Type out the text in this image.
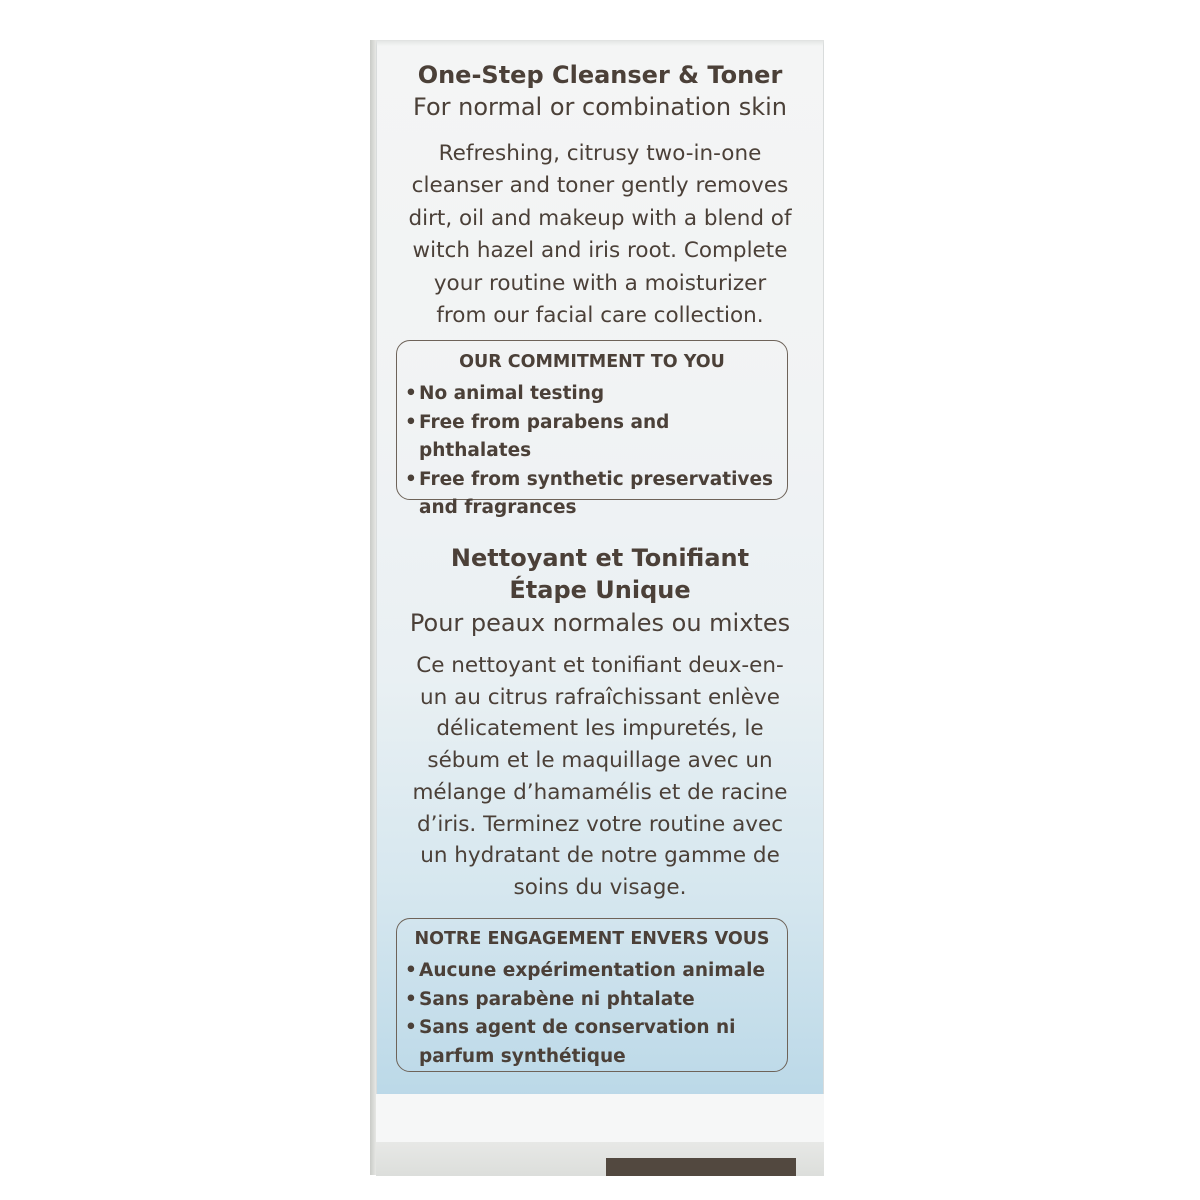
One-Step Cleanser & Toner
For normal or combination skin
Refreshing, citrusy two-in-one cleanser and toner gently removes dirt, oil and makeup with a blend of witch hazel and iris root. Complete your routine with a moisturizer from our facial care collection.
OUR COMMITMENT TO YOU
• No animal testing
• Free from parabens and phthalates
• Free from synthetic preservatives and fragrances
Nettoyant et Tonifiant
Étape Unique
Pour peaux normales ou mixtes
Ce nettoyant et tonifiant deux-en-un au citrus rafraîchissant enlève délicatement les impuretés, le sébum et le maquillage avec un mélange d’hamamélis et de racine d’iris. Terminez votre routine avec un hydratant de notre gamme de soins du visage.
NOTRE ENGAGEMENT ENVERS VOUS
• Aucune expérimentation animale
• Sans parabène ni phtalate
• Sans agent de conservation ni parfum synthétique
